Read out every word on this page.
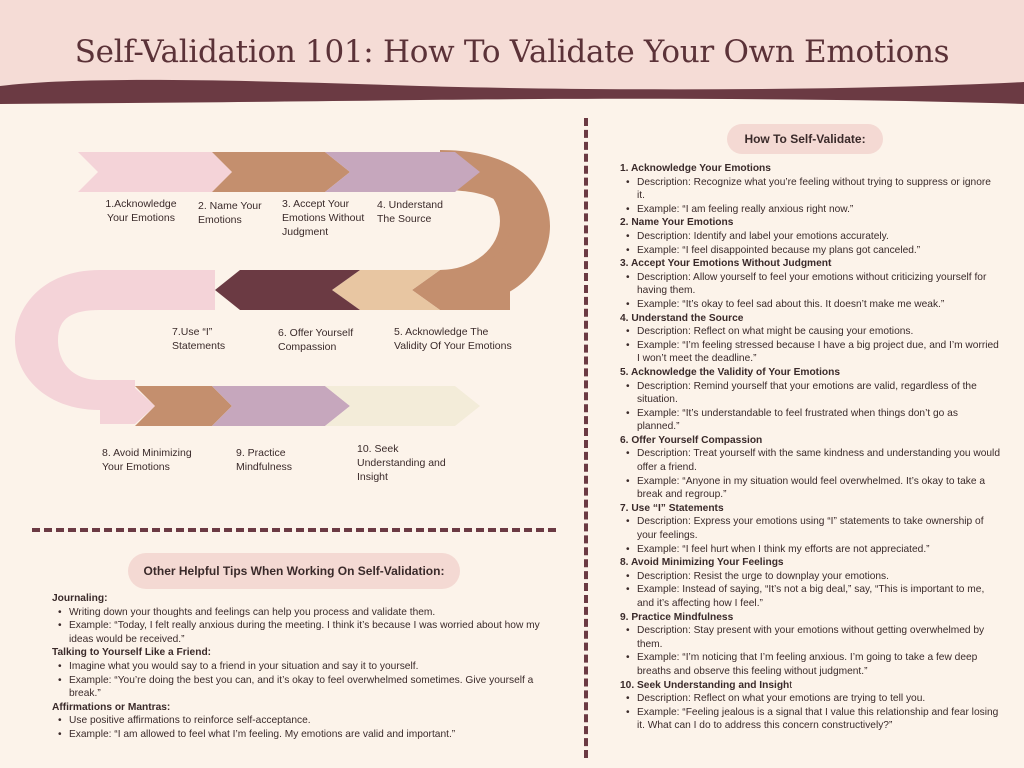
Self-Validation 101: How To Validate Your Own Emotions
1.Acknowledge Your Emotions
2. Name Your Emotions
3. Accept Your Emotions Without Judgment
4. Understand The Source
5. Acknowledge The Validity Of Your Emotions
6. Offer Yourself Compassion
7.Use “I” Statements
8. Avoid Minimizing Your Emotions
9. Practice Mindfulness
10. Seek Understanding and Insight
How To Self-Validate:
1. Acknowledge Your Emotions
• Description: Recognize what you’re feeling without trying to suppress or ignore it.
• Example: “I am feeling really anxious right now.”
2. Name Your Emotions
• Description: Identify and label your emotions accurately.
• Example: “I feel disappointed because my plans got canceled.”
3. Accept Your Emotions Without Judgment
• Description: Allow yourself to feel your emotions without criticizing yourself for having them.
• Example: “It’s okay to feel sad about this. It doesn’t make me weak.”
4. Understand the Source
• Description: Reflect on what might be causing your emotions.
• Example: “I’m feeling stressed because I have a big project due, and I’m worried I won’t meet the deadline.”
5. Acknowledge the Validity of Your Emotions
• Description: Remind yourself that your emotions are valid, regardless of the situation.
• Example: “It’s understandable to feel frustrated when things don’t go as planned.”
6. Offer Yourself Compassion
• Description: Treat yourself with the same kindness and understanding you would offer a friend.
• Example: “Anyone in my situation would feel overwhelmed. It’s okay to take a break and regroup.”
7. Use “I” Statements
• Description: Express your emotions using “I” statements to take ownership of your feelings.
• Example: “I feel hurt when I think my efforts are not appreciated.”
8. Avoid Minimizing Your Feelings
• Description: Resist the urge to downplay your emotions.
• Example: Instead of saying, “It’s not a big deal,” say, “This is important to me, and it’s affecting how I feel.”
9. Practice Mindfulness
• Description: Stay present with your emotions without getting overwhelmed by them.
• Example: “I’m noticing that I’m feeling anxious. I’m going to take a few deep breaths and observe this feeling without judgment.”
10. Seek Understanding and Insight
• Description: Reflect on what your emotions are trying to tell you.
• Example: “Feeling jealous is a signal that I value this relationship and fear losing it. What can I do to address this concern constructively?”
Other Helpful Tips When Working On Self-Validation:
Journaling:
• Writing down your thoughts and feelings can help you process and validate them.
• Example: “Today, I felt really anxious during the meeting. I think it’s because I was worried about how my ideas would be received.”
Talking to Yourself Like a Friend:
• Imagine what you would say to a friend in your situation and say it to yourself.
• Example: “You’re doing the best you can, and it’s okay to feel overwhelmed sometimes. Give yourself a break.”
Affirmations or Mantras:
• Use positive affirmations to reinforce self-acceptance.
• Example: “I am allowed to feel what I’m feeling. My emotions are valid and important.”
